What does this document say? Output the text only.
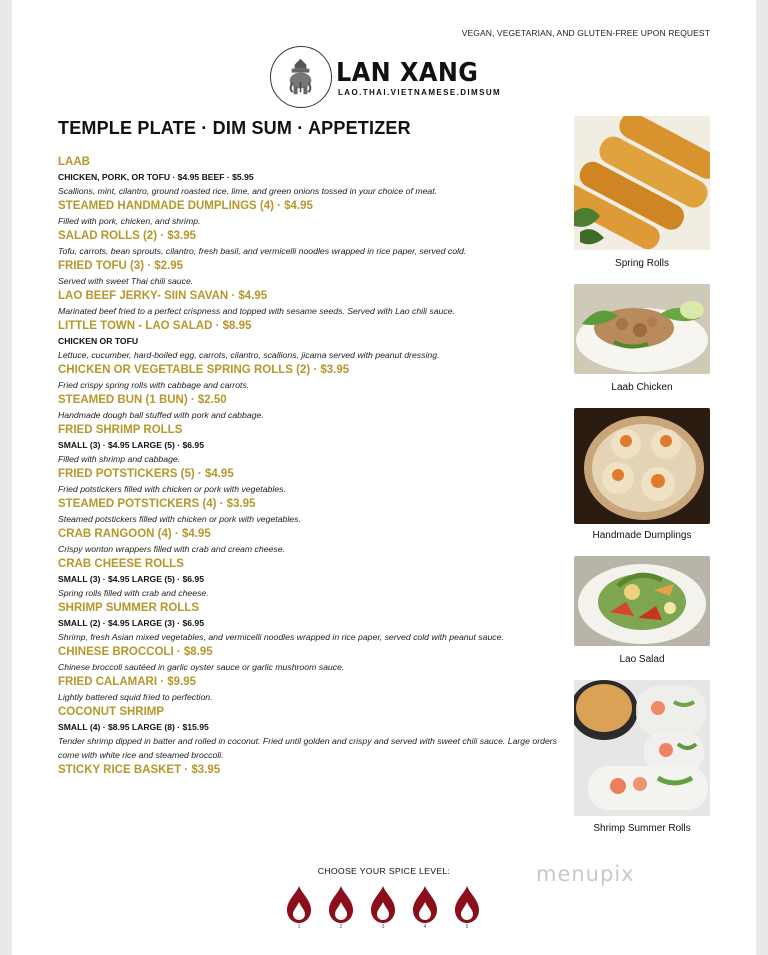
VEGAN, VEGETARIAN, AND GLUTEN-FREE UPON REQUEST
LAN XANG
LAO.THAI.VIETNAMESE.DIMSUM
TEMPLE PLATE · DIM SUM · APPETIZER
LAAB
CHICKEN, PORK, OR TOFU · $4.95 BEEF · $5.95
Scallions, mint, cilantro, ground roasted rice, lime, and green onions tossed in your choice of meat.
STEAMED HANDMADE DUMPLINGS (4) · $4.95
Filled with pork, chicken, and shrimp.
SALAD ROLLS (2) · $3.95
Tofu, carrots, bean sprouts, cilantro, fresh basil, and vermicelli noodles wrapped in rice paper, served cold.
FRIED TOFU (3) · $2.95
Served with sweet Thai chili sauce.
LAO BEEF JERKY- SIIN SAVAN · $4.95
Marinated beef fried to a perfect crispness and topped with sesame seeds. Served with Lao chili sauce.
LITTLE TOWN - LAO SALAD · $8.95
CHICKEN OR TOFU
Lettuce, cucumber, hard-boiled egg, carrots, cilantro, scallions, jicama served with peanut dressing.
CHICKEN OR VEGETABLE SPRING ROLLS (2) · $3.95
Fried crispy spring rolls with cabbage and carrots.
STEAMED BUN (1 BUN) · $2.50
Handmade dough ball stuffed with pork and cabbage.
FRIED SHRIMP ROLLS
SMALL (3) · $4.95 LARGE (5) · $6.95
Filled with shrimp and cabbage.
FRIED POTSTICKERS (5) · $4.95
Fried potstickers filled with chicken or pork with vegetables.
STEAMED POTSTICKERS (4) · $3.95
Steamed potstickers filled with chicken or pork with vegetables.
CRAB RANGOON (4) · $4.95
Crispy wonton wrappers filled with crab and cream cheese.
CRAB CHEESE ROLLS
SMALL (3) · $4.95 LARGE (5) · $6.95
Spring rolls filled with crab and cheese.
SHRIMP SUMMER ROLLS
SMALL (2) · $4.95 LARGE (3) · $6.95
Shrimp, fresh Asian mixed vegetables, and vermicelli noodles wrapped in rice paper, served cold with peanut sauce.
CHINESE BROCCOLI · $8.95
Chinese broccoli sautéed in garlic oyster sauce or garlic mushroom sauce.
FRIED CALAMARI · $9.95
Lightly battered squid fried to perfection.
COCONUT SHRIMP
SMALL (4) · $8.95 LARGE (8) · $15.95
Tender shrimp dipped in batter and rolled in coconut. Fried until golden and crispy and served with sweet chili sauce. Large orders come with white rice and steamed broccoli.
STICKY RICE BASKET · $3.95
Spring Rolls
Laab Chicken
Handmade Dumplings
Lao Salad
Shrimp Summer Rolls
menupix
CHOOSE YOUR SPICE LEVEL:
1	2	3	4	5
